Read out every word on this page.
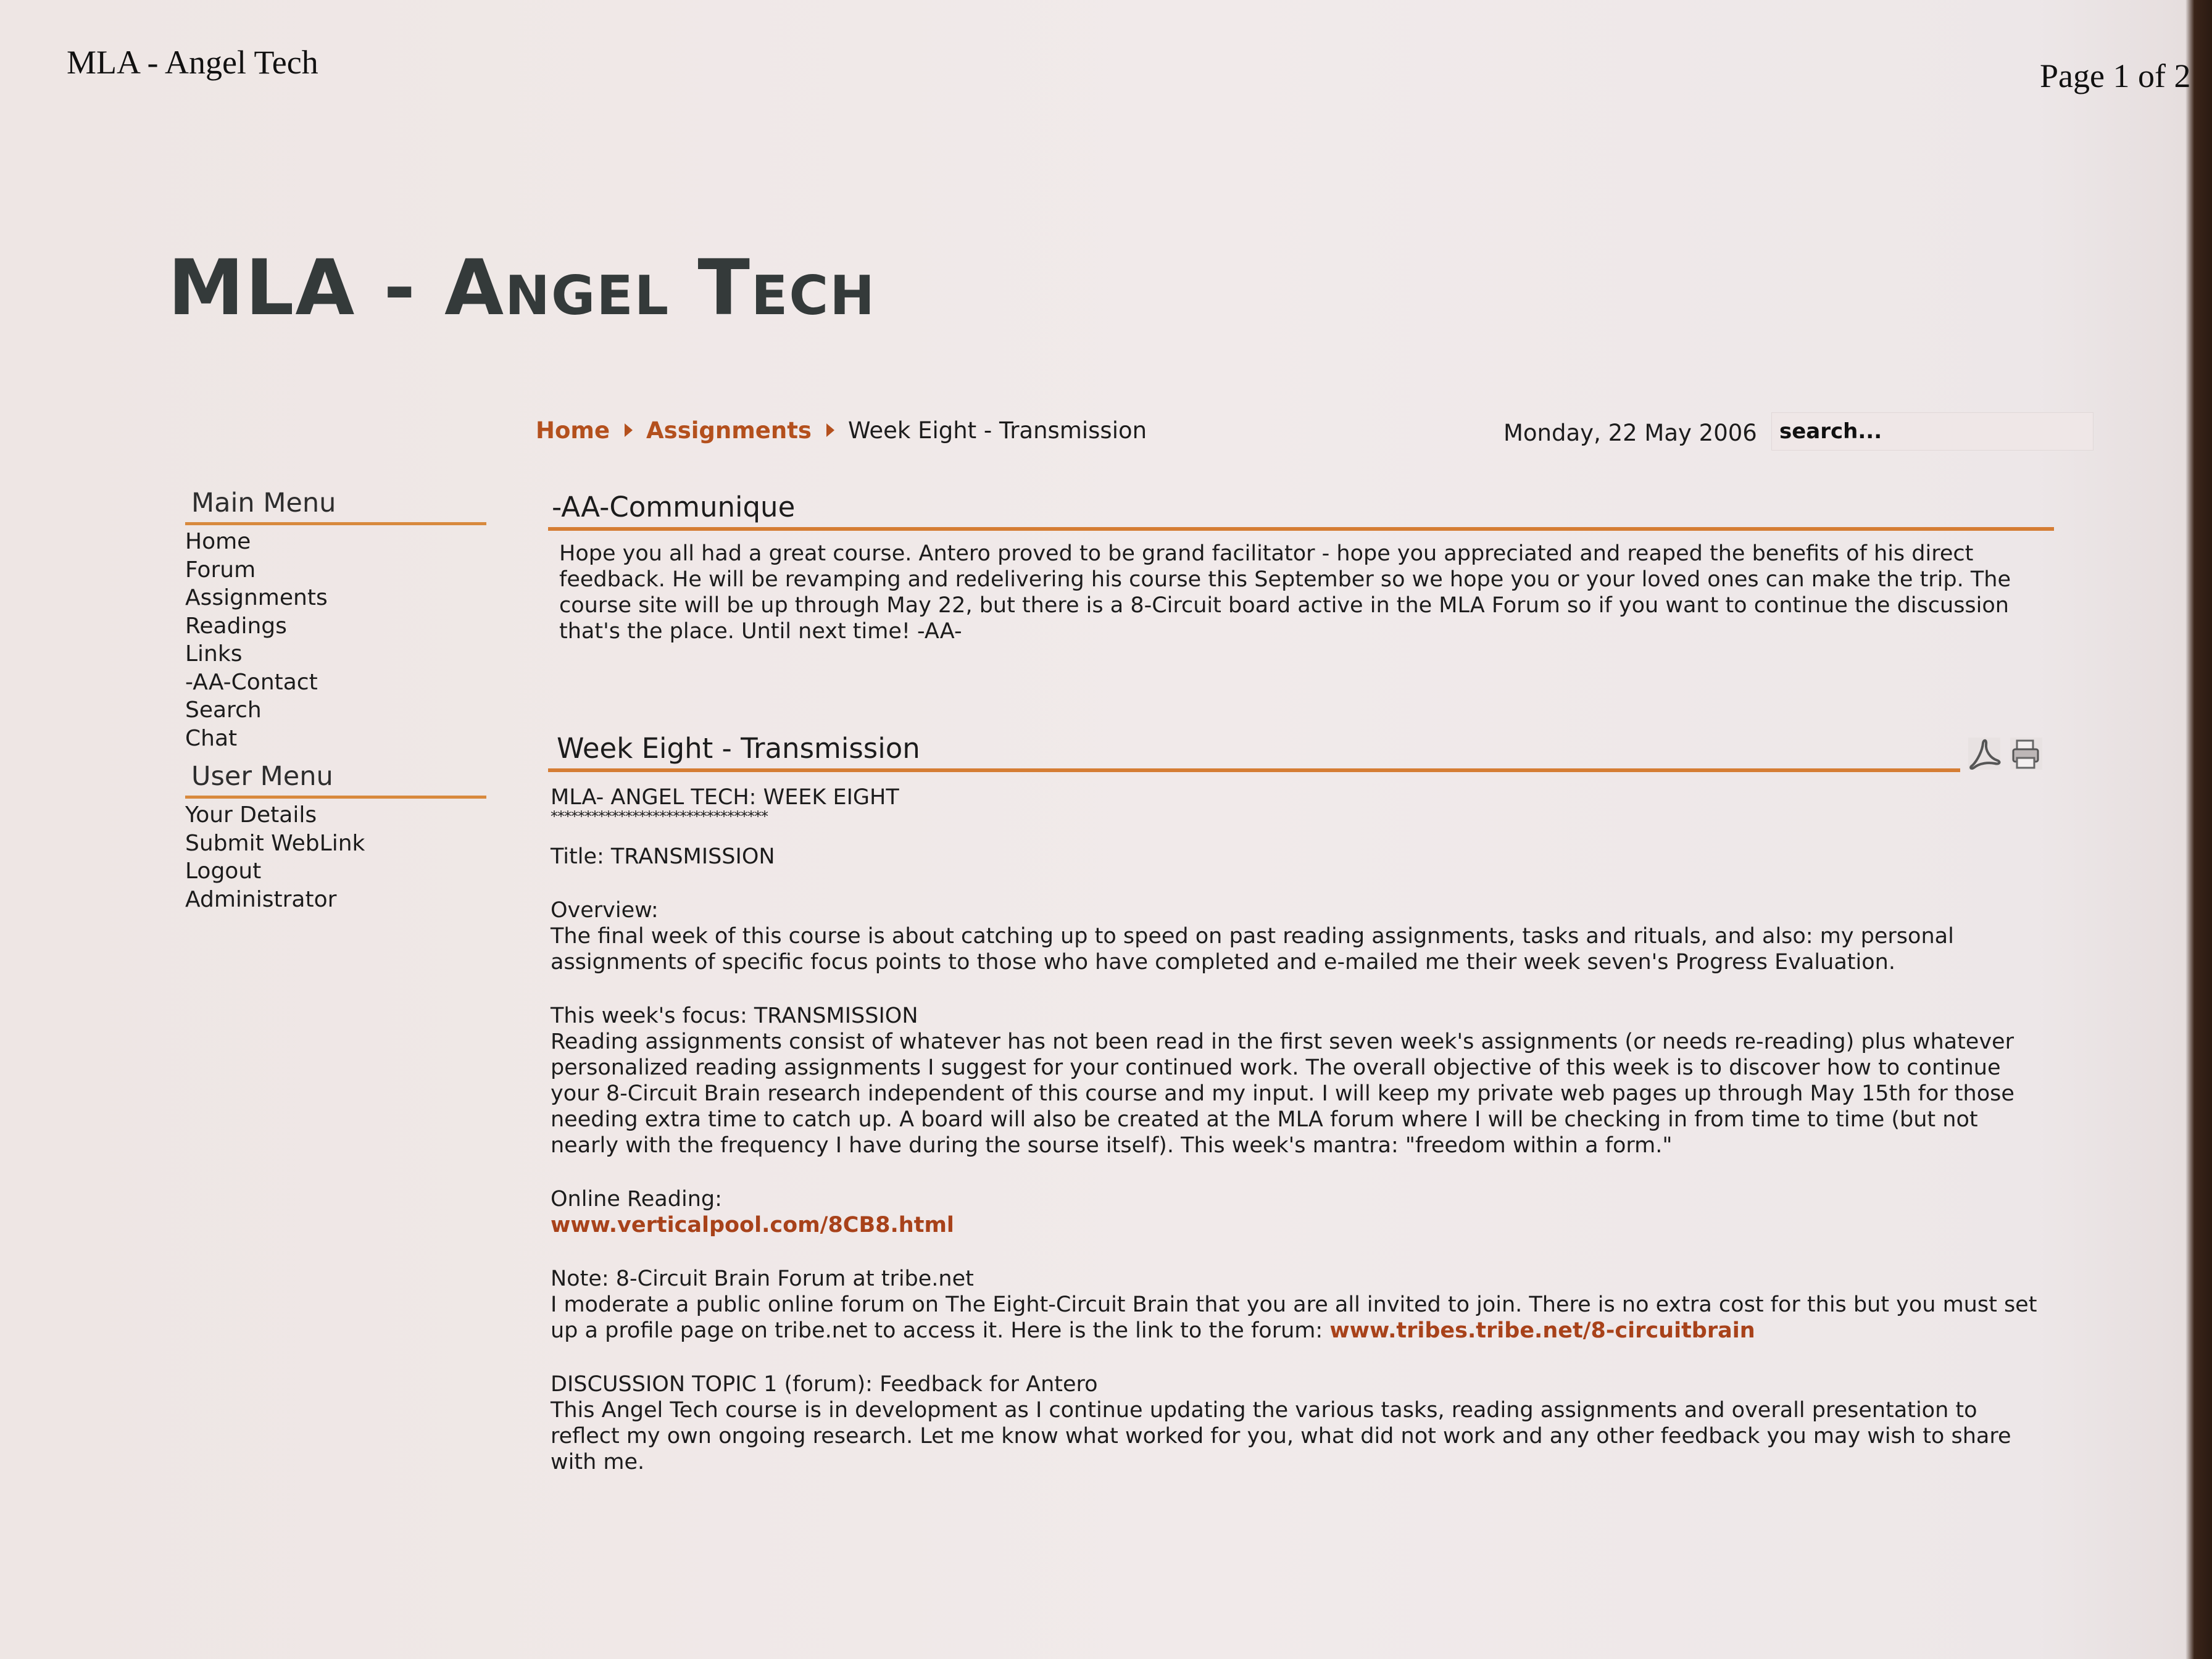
MLA - Angel Tech	Page 1 of 2
MLA - Angel Tech
Home Assignments Week Eight - Transmission	Monday, 22 May 2006
search...
Main Menu
Home
Forum
Assignments
Readings
Links
-AA-Contact
Search
Chat
User Menu
Your Details
Submit WebLink
Logout
Administrator
-AA-Communique
Hope you all had a great course. Antero proved to be grand facilitator - hope you appreciated and reaped the benefits of his direct feedback. He will be revamping and redelivering his course this September so we hope you or your loved ones can make the trip. The course site will be up through May 22, but there is a 8-Circuit board active in the MLA Forum so if you want to continue the discussion that's the place. Until next time! -AA-
Week Eight - Transmission

MLA- ANGEL TECH: WEEK EIGHT

********************************

Title: TRANSMISSION

Overview:
The final week of this course is about catching up to speed on past reading assignments, tasks and rituals, and also: my personal assignments of specific focus points to those who have completed and e-mailed me their week seven's Progress Evaluation.

This week's focus: TRANSMISSION
Reading assignments consist of whatever has not been read in the first seven week's assignments (or needs re-reading) plus whatever personalized reading assignments I suggest for your continued work. The overall objective of this week is to discover how to continue your 8-Circuit Brain research independent of this course and my input. I will keep my private web pages up through May 15th for those needing extra time to catch up. A board will also be created at the MLA forum where I will be checking in from time to time (but not nearly with the frequency I have during the sourse itself). This week's mantra: "freedom within a form."

Online Reading:
www.verticalpool.com/8CB8.html

Note: 8-Circuit Brain Forum at tribe.net
I moderate a public online forum on The Eight-Circuit Brain that you are all invited to join. There is no extra cost for this but you must set up a profile page on tribe.net to access it. Here is the link to the forum: www.tribes.tribe.net/8-circuitbrain

DISCUSSION TOPIC 1 (forum): Feedback for Antero
This Angel Tech course is in development as I continue updating the various tasks, reading assignments and overall presentation to reflect my own ongoing research. Let me know what worked for you, what did not work and any other feedback you may wish to share with me.
